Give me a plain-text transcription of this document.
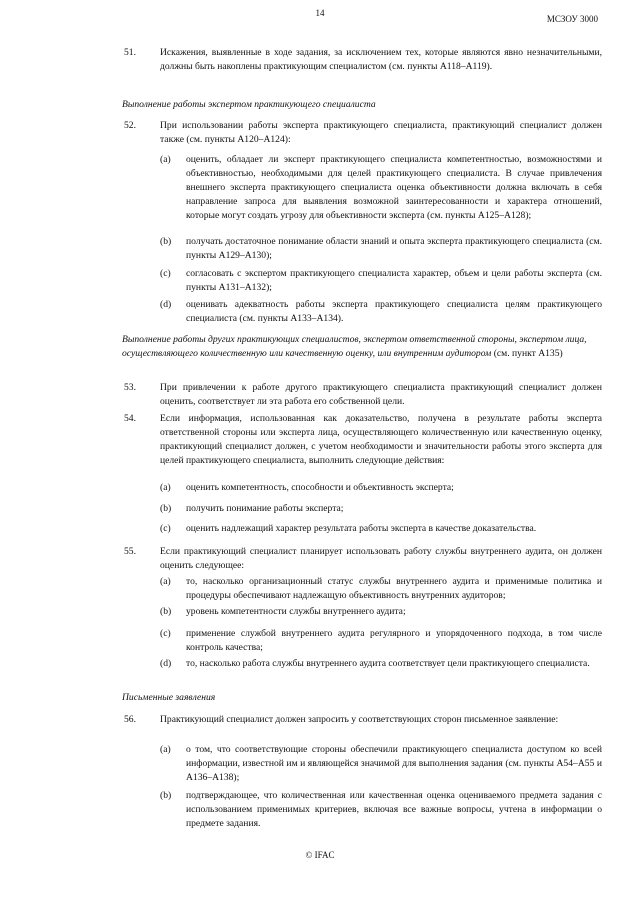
14
МСЗОУ 3000
51.	Искажения, выявленные в ходе задания, за исключением тех, которые являются явно незначительными, должны быть накоплены практикующим специалистом (см. пункты A118–A119).
Выполнение работы экспертом практикующего специалиста
52.	При использовании работы эксперта практикующего специалиста, практикующий специалист должен также (см. пункты A120–A124):
(a) оценить, обладает ли эксперт практикующего специалиста компетентностью, возможностями и объективностью, необходимыми для целей практикующего специалиста. В случае привлечения внешнего эксперта практикующего специалиста оценка объективности должна включать в себя направление запроса для выявления возможной заинтересованности и характера отношений, которые могут создать угрозу для объективности эксперта (см. пункты A125–A128);
(b) получать достаточное понимание области знаний и опыта эксперта практикующего специалиста (см. пункты A129–A130);
(c) согласовать с экспертом практикующего специалиста характер, объем и цели работы эксперта (см. пункты A131–A132);
(d) оценивать адекватность работы эксперта практикующего специалиста целям практикующего специалиста (см. пункты A133–A134).
Выполнение работы других практикующих специалистов, экспертом ответственной стороны, экспертом лица, осуществляющего количественную или качественную оценку, или внутренним аудитором (см. пункт A135)
53.	При привлечении к работе другого практикующего специалиста практикующий специалист должен оценить, соответствует ли эта работа его собственной цели.
54.	Если информация, использованная как доказательство, получена в результате работы эксперта ответственной стороны или эксперта лица, осуществляющего количественную или качественную оценку, практикующий специалист должен, с учетом необходимости и значительности работы этого эксперта для целей практикующего специалиста, выполнить следующие действия:
(a) оценить компетентность, способности и объективность эксперта;
(b) получить понимание работы эксперта;
(c) оценить надлежащий характер результата работы эксперта в качестве доказательства.
55.	Если практикующий специалист планирует использовать работу службы внутреннего аудита, он должен оценить следующее:
(a) то, насколько организационный статус службы внутреннего аудита и применимые политика и процедуры обеспечивают надлежащую объективность внутренних аудиторов;
(b) уровень компетентности службы внутреннего аудита;
(c) применение службой внутреннего аудита регулярного и упорядоченного подхода, в том числе контроль качества;
(d) то, насколько работа службы внутреннего аудита соответствует цели практикующего специалиста.
Письменные заявления
56.	Практикующий специалист должен запросить у соответствующих сторон письменное заявление:
(a) о том, что соответствующие стороны обеспечили практикующего специалиста доступом ко всей информации, известной им и являющейся значимой для выполнения задания (см. пункты A54–A55 и A136–A138);
(b) подтверждающее, что количественная или качественная оценка оцениваемого предмета задания с использованием применимых критериев, включая все важные вопросы, учтена в информации о предмете задания.
© IFAC
